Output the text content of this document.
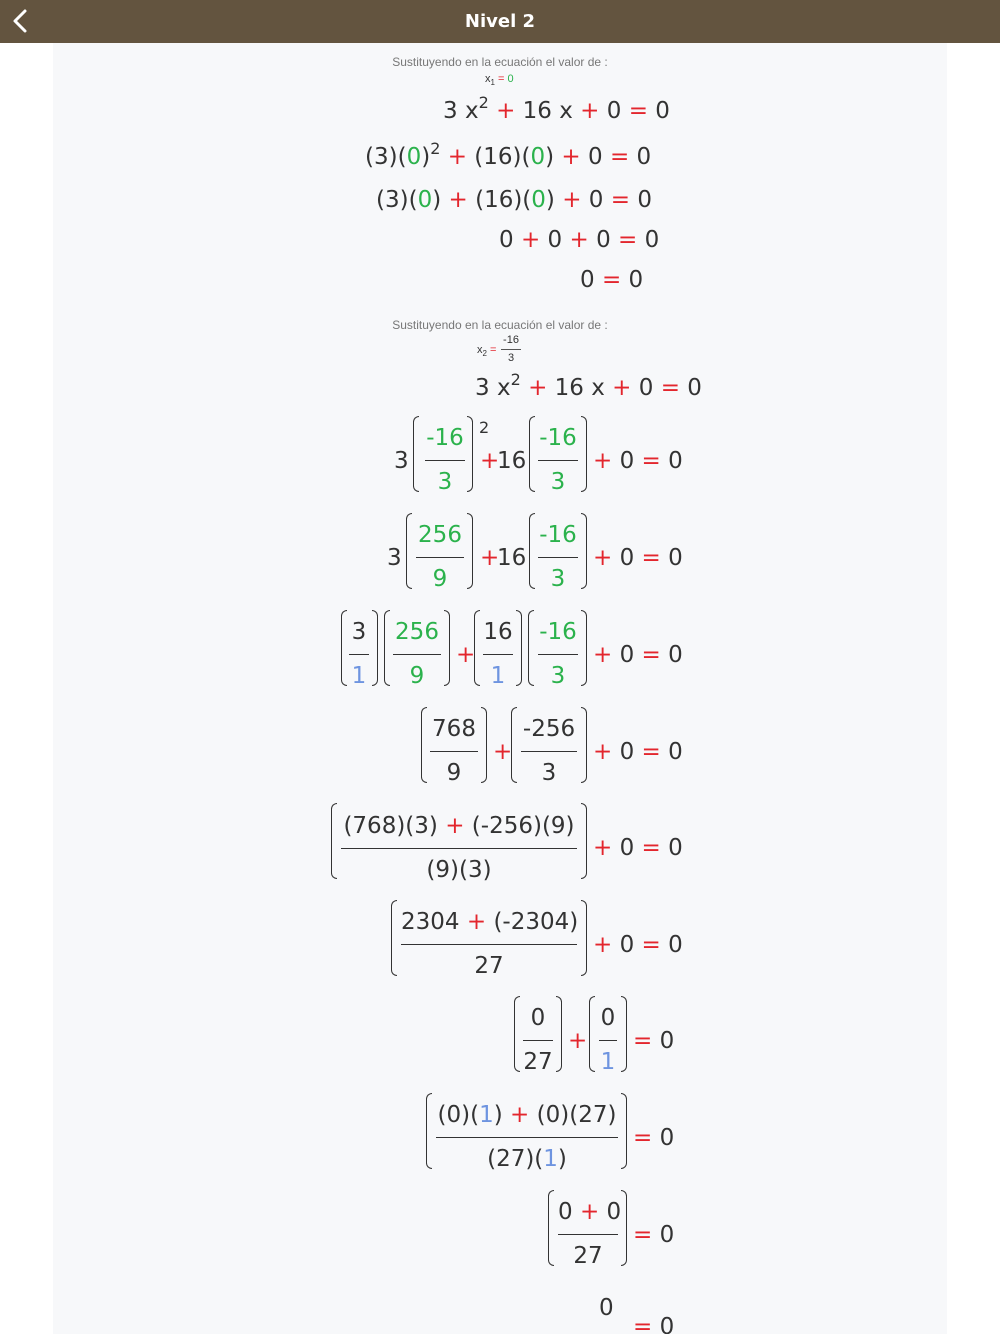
Nivel 2
Sustituyendo en la ecuación el valor de :
$x_1 = 0$
3 $x^2 + 16$ x + 0 = 0
$(3)(0)^2 + (16)(0) + 0 = 0$
(3)(0) + (16)(0) + 0 = 0
0 + 0 + 0 = 0
0 = 0
Sustituyendo en la ecuación el valor de :
$x_2$ =
-16
3
3 $x^2 + 16$ x + 0 = 0
3
-16
3
2
+
16
-16
3
+ 0 = 0
3
256
9
+
16
-16
3
+ 0 = 0
3
1
256
9
+
16
1
-16
3
+ 0 = 0
768
9
+
-256
3
+ 0 = 0
(768)(3) + (-256)(9)
(9)(3)
+ 0 = 0
2304 + (-2304)
27
+ 0 = 0
0
27
+
0
1
= 0
(0)(1) + (0)(27)
(27)(1)
= 0
0 + 0
27
= 0
0
= 0
